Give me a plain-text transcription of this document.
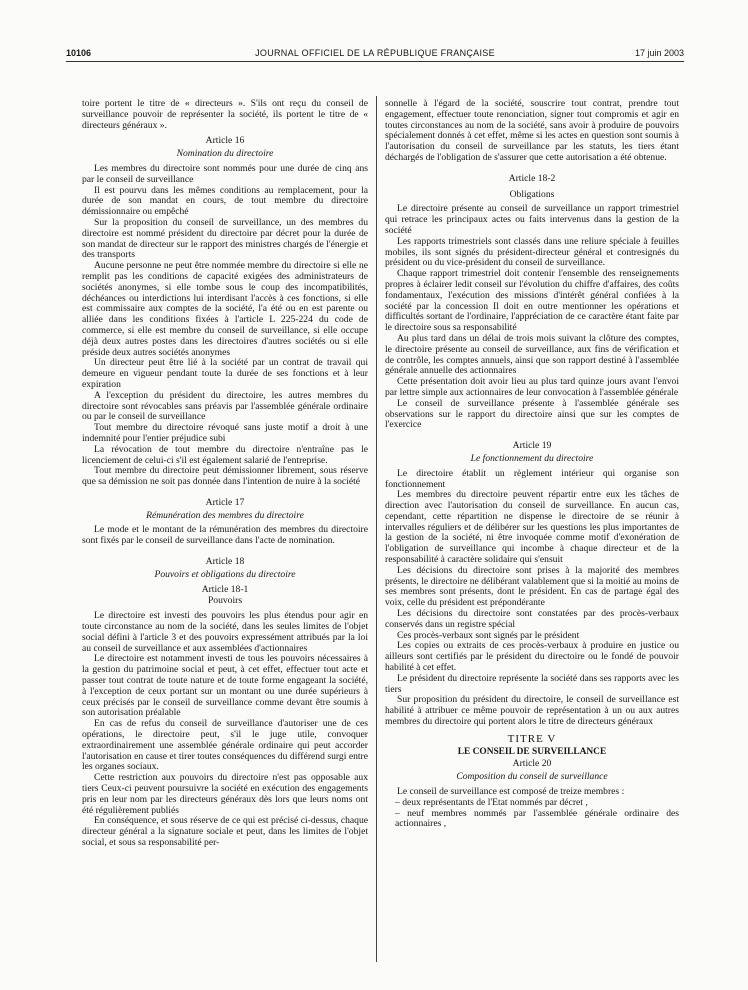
10106	JOURNAL OFFICIEL DE LA RÉPUBLIQUE FRANÇAISE	17 juin 2003

toire portent le titre de « directeurs ». S'ils ont reçu du conseil de surveillance pouvoir de représenter la société, ils portent le titre de « directeurs généraux ».

Article 16
Nomination du directoire

Les membres du directoire sont nommés pour une durée de cinq ans par le conseil de surveillance

Il est pourvu dans les mêmes conditions au remplacement, pour la durée de son mandat en cours, de tout membre du directoire démissionnaire ou empêché

Sur la proposition du conseil de surveillance, un des membres du directoire est nommé président du directoire par décret pour la durée de son mandat de directeur sur le rapport des ministres chargés de l'énergie et des transports

Aucune personne ne peut être nommée membre du directoire si elle ne remplit pas les conditions de capacité exigées des administrateurs de sociétés anonymes, si elle tombe sous le coup des incompatibilités, déchéances ou interdictions lui interdisant l'accès à ces fonctions, si elle est commissaire aux comptes de la société, l'a été ou en est parente ou alliée dans les conditions fixées à l'article L 225-224 du code de commerce, si elle est membre du conseil de surveillance, si elle occupe déjà deux autres postes dans les directoires d'autres sociétés ou si elle préside deux autres sociétés anonymes

Un directeur peut être lié à la société par un contrat de travail qui demeure en vigueur pendant toute la durée de ses fonctions et à leur expiration

A l'exception du président du directoire, les autres membres du directoire sont révocables sans préavis par l'assemblée générale ordinaire ou par le conseil de surveillance

Tout membre du directoire révoqué sans juste motif a droit à une indemnité pour l'entier préjudice subi

La révocation de tout membre du directoire n'entraîne pas le licenciement de celui-ci s'il est également salarié de l'entreprise.

Tout membre du directoire peut démissionner librement, sous réserve que sa démission ne soit pas donnée dans l'intention de nuire à la société

Article 17
Rémunération des membres du directoire

Le mode et le montant de la rémunération des membres du directoire sont fixés par le conseil de surveillance dans l'acte de nomination.

Article 18
Pouvoirs et obligations du directoire
Article 18-1
Pouvoirs

Le directoire est investi des pouvoirs les plus étendus pour agir en toute circonstance au nom de la société, dans les seules limites de l'objet social défini à l'article 3 et des pouvoirs expressément attribués par la loi au conseil de surveillance et aux assemblées d'actionnaires

Le directoire est notamment investi de tous les pouvoirs nécessaires à la gestion du patrimoine social et peut, à cet effet, effectuer tout acte et passer tout contrat de toute nature et de toute forme engageant la société, à l'exception de ceux portant sur un montant ou une durée supérieurs à ceux précisés par le conseil de surveillance comme devant être soumis à son autorisation préalable

En cas de refus du conseil de surveillance d'autoriser une de ces opérations, le directoire peut, s'il le juge utile, convoquer extraordinairement une assemblée générale ordinaire qui peut accorder l'autorisation en cause et tirer toutes conséquences du différend surgi entre les organes sociaux.

Cette restriction aux pouvoirs du directoire n'est pas opposable aux tiers Ceux-ci peuvent poursuivre la société en exécution des engagements pris en leur nom par les directeurs généraux dès lors que leurs noms ont été régulièrement publiés

En conséquence, et sous réserve de ce qui est précisé ci-dessus, chaque directeur général a la signature sociale et peut, dans les limites de l'objet social, et sous sa responsabilité per-

sonnelle à l'égard de la société, souscrire tout contrat, prendre tout engagement, effectuer toute renonciation, signer tout compromis et agir en toutes circonstances au nom de la société, sans avoir à produire de pouvoirs spécialement donnés à cet effet, même si les actes en question sont soumis à l'autorisation du conseil de surveillance par les statuts, les tiers étant déchargés de l'obligation de s'assurer que cette autorisation a été obtenue.

Article 18-2
Obligations

Le directoire présente au conseil de surveillance un rapport trimestriel qui retrace les principaux actes ou faits intervenus dans la gestion de la société

Les rapports trimestriels sont classés dans une reliure spéciale à feuilles mobiles, ils sont signés du président-directeur général et contresignés du président ou du vice-président du conseil de surveillance.

Chaque rapport trimestriel doit contenir l'ensemble des renseignements propres à éclairer ledit conseil sur l'évolution du chiffre d'affaires, des coûts fondamentaux, l'exécution des missions d'intérêt général confiées à la société par la concession Il doit en outre mentionner les opérations et difficultés sortant de l'ordinaire, l'appréciation de ce caractère étant faite par le directoire sous sa responsabilité

Au plus tard dans un délai de trois mois suivant la clôture des comptes, le directoire présente au conseil de surveillance, aux fins de vérification et de contrôle, les comptes annuels, ainsi que son rapport destiné à l'assemblée générale annuelle des actionnaires

Cette présentation doit avoir lieu au plus tard quinze jours avant l'envoi par lettre simple aux actionnaires de leur convocation à l'assemblée générale

Le conseil de surveillance présente à l'assemblée générale ses observations sur le rapport du directoire ainsi que sur les comptes de l'exercice

Article 19
Le fonctionnement du directoire

Le directoire établit un règlement intérieur qui organise son fonctionnement

Les membres du directoire peuvent répartir entre eux les tâches de direction avec l'autorisation du conseil de surveillance. En aucun cas, cependant, cette répartition ne dispense le directoire de se réunir à intervalles réguliers et de délibérer sur les questions les plus importantes de la gestion de la société, ni être invoquée comme motif d'exonération de l'obligation de surveillance qui incombe à chaque directeur et de la responsabilité à caractère solidaire qui s'ensuit

Les décisions du directoire sont prises à la majorité des membres présents, le directoire ne délibérant valablement que si la moitié au moins de ses membres sont présents, dont le président. En cas de partage égal des voix, celle du président est prépondérante

Les décisions du directoire sont constatées par des procès-verbaux conservés dans un registre spécial

Ces procès-verbaux sont signés par le président

Les copies ou extraits de ces procès-verbaux à produire en justice ou ailleurs sont certifiés par le président du directoire ou le fondé de pouvoir habilité à cet effet.

Le président du directoire représente la société dans ses rapports avec les tiers

Sur proposition du président du directoire, le conseil de surveillance est habilité à attribuer ce même pouvoir de représentation à un ou aux autres membres du directoire qui portent alors le titre de directeurs généraux

TITRE V
LE CONSEIL DE SURVEILLANCE
Article 20
Composition du conseil de surveillance

Le conseil de surveillance est composé de treize membres :

– deux représentants de l'Etat nommés par décret ,

– neuf membres nommés par l'assemblée générale ordinaire des actionnaires ,
